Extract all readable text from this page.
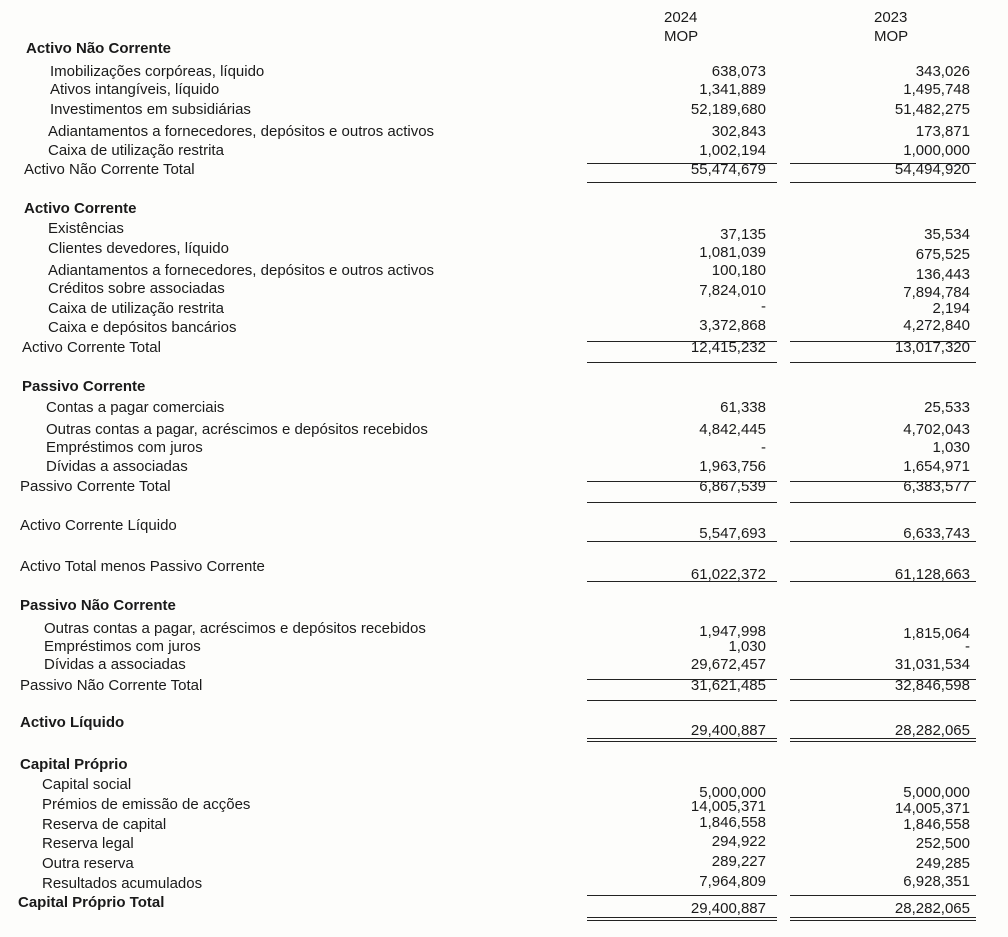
2024
MOP
2023
MOP
Activo Não Corrente
Imobilizações corpóreas, líquido	638,073	343,026
Ativos intangíveis, líquido	1,341,889	1,495,748
Investimentos em subsidiárias	52,189,680	51,482,275
Adiantamentos a fornecedores, depósitos e outros activos	302,843	173,871
Caixa de utilização restrita	1,002,194	1,000,000
Activo Não Corrente Total	55,474,679	54,494,920
Activo Corrente
Existências	37,135	35,534
Clientes devedores, líquido	1,081,039	675,525
Adiantamentos a fornecedores, depósitos e outros activos	100,180	136,443
Créditos sobre associadas	7,824,010	7,894,784
Caixa de utilização restrita	-	2,194
Caixa e depósitos bancários	3,372,868	4,272,840
Activo Corrente Total	12,415,232	13,017,320
Passivo Corrente
Contas a pagar comerciais	61,338	25,533
Outras contas a pagar, acréscimos e depósitos recebidos	4,842,445	4,702,043
Empréstimos com juros	-	1,030
Dívidas a associadas	1,963,756	1,654,971
Passivo Corrente Total	6,867,539	6,383,577
Activo Corrente Líquido	5,547,693	6,633,743
Activo Total menos Passivo Corrente	61,022,372	61,128,663
Passivo Não Corrente
Outras contas a pagar, acréscimos e depósitos recebidos	1,947,998	1,815,064
Empréstimos com juros	1,030	-
Dívidas a associadas	29,672,457	31,031,534
Passivo Não Corrente Total	31,621,485	32,846,598
Activo Líquido	29,400,887	28,282,065
Capital Próprio
Capital social	5,000,000	5,000,000
Prémios de emissão de acções	14,005,371	14,005,371
Reserva de capital	1,846,558	1,846,558
Reserva legal	294,922	252,500
Outra reserva	289,227	249,285
Resultados acumulados	7,964,809	6,928,351
Capital Próprio Total	29,400,887	28,282,065
